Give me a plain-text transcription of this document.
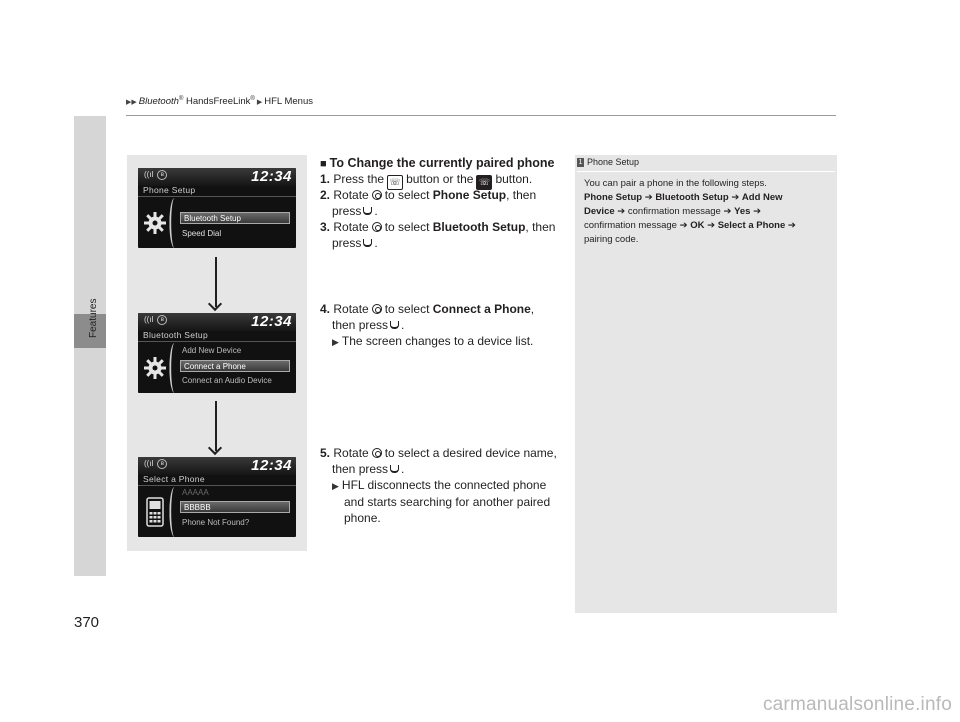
▶▶ Bluetooth® HandsFreeLink®▶ HFL Menus
Features
370
((ıl ʙ	12:34
Phone Setup
Bluetooth Setup
Speed Dial
((ıl ʙ	12:34
Bluetooth Setup
Add New Device
Connect a Phone
Connect an Audio Device
((ıl ʙ	12:34
Select a Phone
AAAAA
BBBBB
Phone Not Found?
■ To Change the currently paired phone
1. Press the ☏ button or the ☏ button.
2. Rotate to select Phone Setup, then
press .
3. Rotate to select Bluetooth Setup, then
press .
4. Rotate to select Connect a Phone,
then press .
▶ The screen changes to a device list.
5. Rotate to select a desired device name,
then press .
▶ HFL disconnects the connected phone
and starts searching for another paired
phone.
1 Phone Setup
You can pair a phone in the following steps.
Phone Setup ➔ Bluetooth Setup ➔ Add New
Device ➔ confirmation message ➔ Yes ➔
confirmation message ➔ OK ➔ Select a Phone ➔
pairing code.
carmanualsonline.info
